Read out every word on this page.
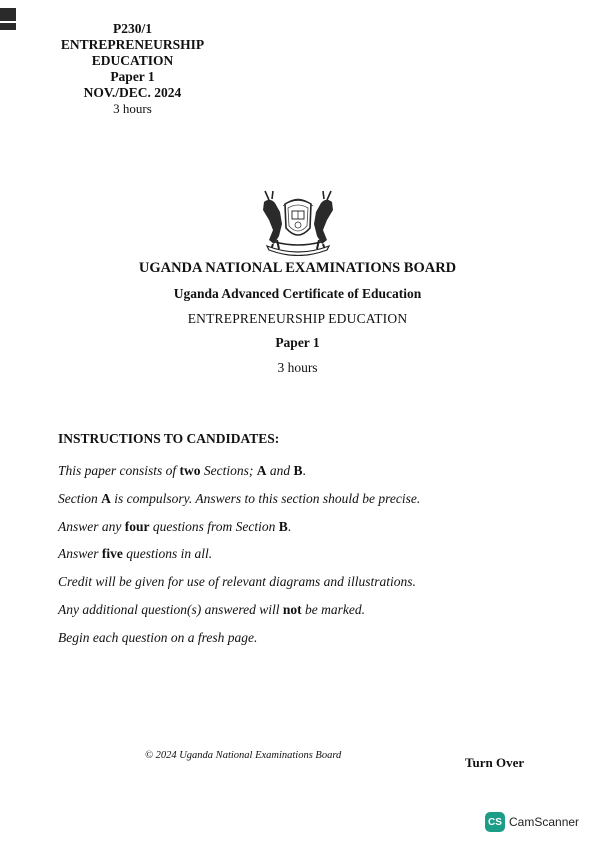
P230/1
ENTREPRENEURSHIP
EDUCATION
Paper 1
NOV./DEC. 2024
3 hours
UGANDA NATIONAL EXAMINATIONS BOARD
Uganda Advanced Certificate of Education
ENTREPRENEURSHIP EDUCATION
Paper 1
3 hours
INSTRUCTIONS TO CANDIDATES:
This paper consists of two Sections; A and B.
Section A is compulsory. Answers to this section should be precise.
Answer any four questions from Section B.
Answer five questions in all.
Credit will be given for use of relevant diagrams and illustrations.
Any additional question(s) answered will not be marked.
Begin each question on a fresh page.
© 2024 Uganda National Examinations Board	Turn Over
CS CamScanner
